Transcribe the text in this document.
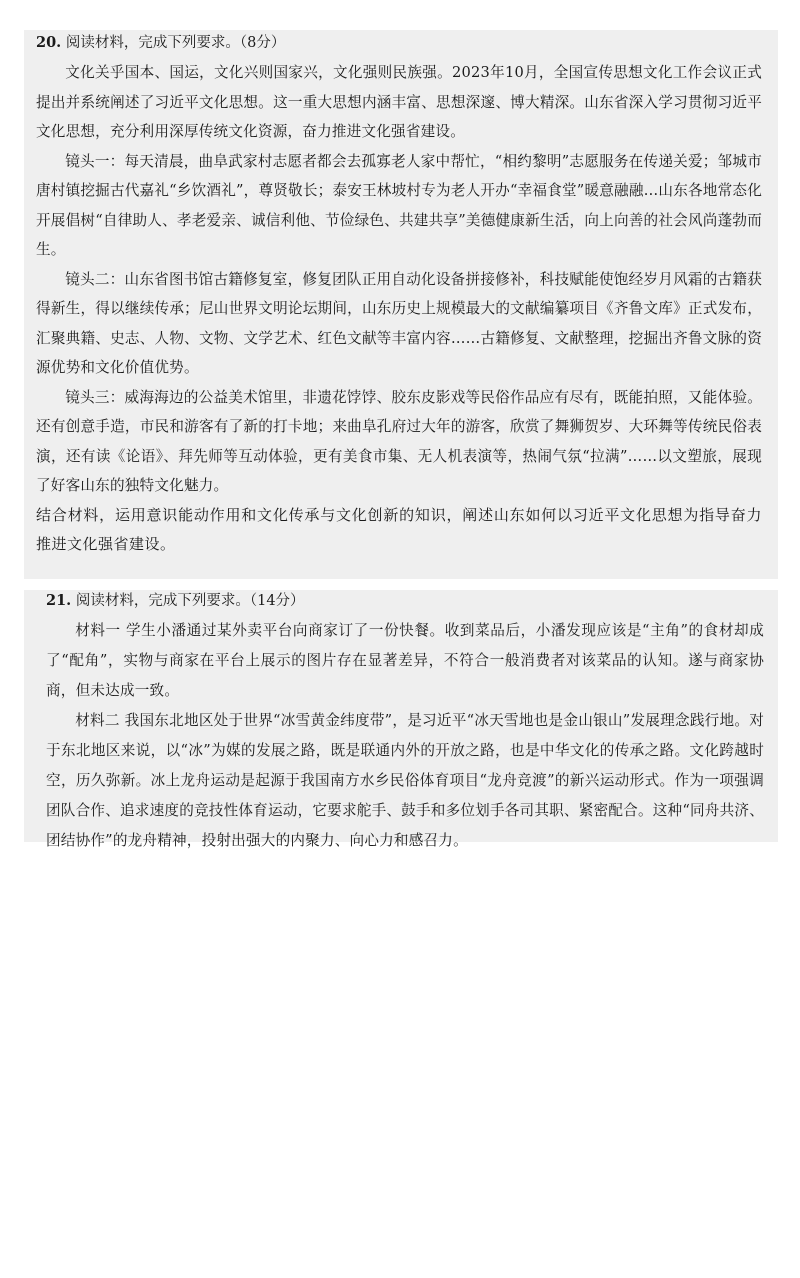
20. 阅读材料，完成下列要求。（8分）

文化关乎国本、国运，文化兴则国家兴，文化强则民族强。2023年10月，全国宣传思想文化工作会议正式提出并系统阐述了习近平文化思想。这一重大思想内涵丰富、思想深邃、博大精深。山东省深入学习贯彻习近平文化思想，充分利用深厚传统文化资源，奋力推进文化强省建设。

镜头一：每天清晨，曲阜武家村志愿者都会去孤寡老人家中帮忙，“相约黎明”志愿服务在传递关爱；邹城市唐村镇挖掘古代嘉礼“乡饮酒礼”，尊贤敬长；泰安王林坡村专为老人开办“幸福食堂”暖意融融…山东各地常态化开展倡树“自律助人、孝老爱亲、诚信利他、节俭绿色、共建共享”美德健康新生活，向上向善的社会风尚蓬勃而生。

镜头二：山东省图书馆古籍修复室，修复团队正用自动化设备拼接修补，科技赋能使饱经岁月风霜的古籍获得新生，得以继续传承；尼山世界文明论坛期间，山东历史上规模最大的文献编纂项目《齐鲁文库》正式发布，汇聚典籍、史志、人物、文物、文学艺术、红色文献等丰富内容……古籍修复、文献整理，挖掘出齐鲁文脉的资源优势和文化价值优势。

镜头三：威海海边的公益美术馆里，非遗花饽饽、胶东皮影戏等民俗作品应有尽有，既能拍照，又能体验。还有创意手造，市民和游客有了新的打卡地；来曲阜孔府过大年的游客，欣赏了舞狮贺岁、大环舞等传统民俗表演，还有读《论语》、拜先师等互动体验，更有美食市集、无人机表演等，热闹气氛“拉满”……以文塑旅，展现了好客山东的独特文化魅力。

结合材料，运用意识能动作用和文化传承与文化创新的知识，阐述山东如何以习近平文化思想为指导奋力推进文化强省建设。

21. 阅读材料，完成下列要求。（14分）

材料一 学生小潘通过某外卖平台向商家订了一份快餐。收到菜品后，小潘发现应该是“主角”的食材却成了“配角”，实物与商家在平台上展示的图片存在显著差异，不符合一般消费者对该菜品的认知。遂与商家协商，但未达成一致。

材料二 我国东北地区处于世界“冰雪黄金纬度带”，是习近平“冰天雪地也是金山银山”发展理念践行地。对于东北地区来说，以“冰”为媒的发展之路，既是联通内外的开放之路，也是中华文化的传承之路。文化跨越时空，历久弥新。冰上龙舟运动是起源于我国南方水乡民俗体育项目“龙舟竞渡”的新兴运动形式。作为一项强调团队合作、追求速度的竞技性体育运动，它要求舵手、鼓手和多位划手各司其职、紧密配合。这种“同舟共济、团结协作”的龙舟精神，投射出强大的内聚力、向心力和感召力。
